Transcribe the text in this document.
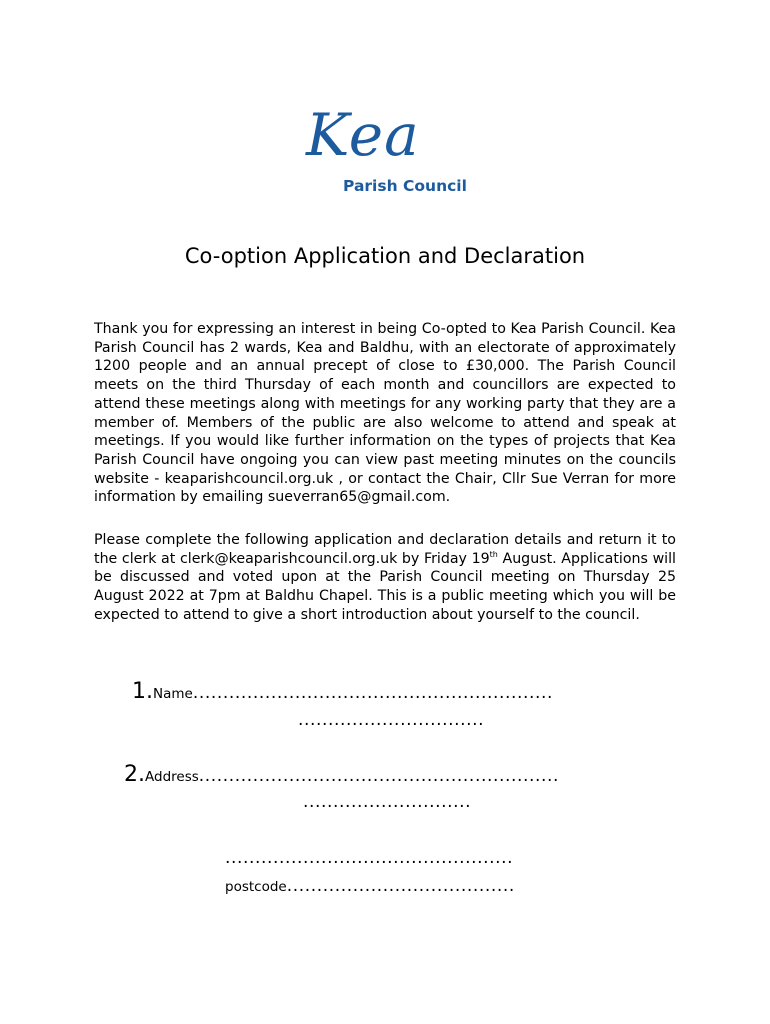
Kea
Parish Council
Co-option Application and Declaration
Thank you for expressing an interest in being Co-opted to Kea Parish Council. Kea Parish Council has 2 wards, Kea and Baldhu, with an electorate of approximately 1200 people and an annual precept of close to £30,000. The Parish Council meets on the third Thursday of each month and councillors are expected to attend these meetings along with meetings for any working party that they are a member of. Members of the public are also welcome to attend and speak at meetings. If you would like further information on the types of projects that Kea Parish Council have ongoing you can view past meeting minutes on the councils website - keaparishcouncil.org.uk , or contact the Chair, Cllr Sue Verran for more information by emailing sueverran65@gmail.com.
Please complete the following application and declaration details and return it to the clerk at clerk@keaparishcouncil.org.uk by Friday 19th August. Applications will be discussed and voted upon at the Parish Council meeting on Thursday 25 August 2022 at 7pm at Baldhu Chapel. This is a public meeting which you will be expected to attend to give a short introduction about yourself to the council.
1.Name............................................................
...............................
2.Address............................................................
............................
................................................
postcode......................................
